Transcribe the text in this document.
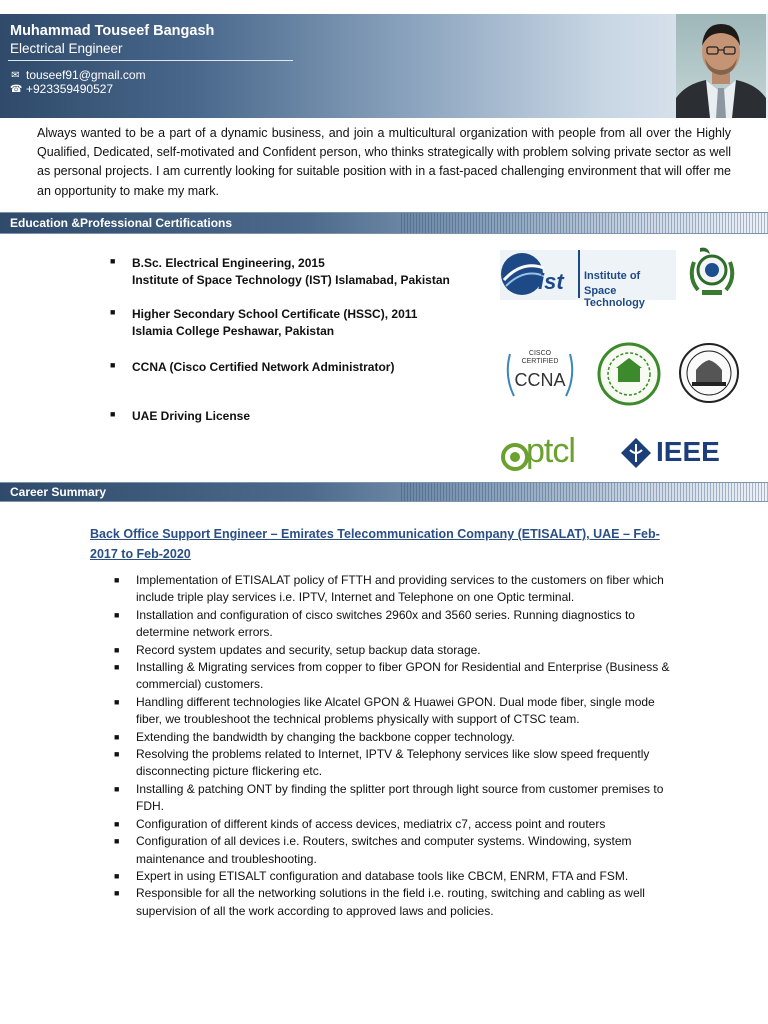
Muhammad Touseef Bangash
Electrical Engineer
✉ touseef91@gmail.com
☎ +923359490527
Always wanted to be a part of a dynamic business, and join a multicultural organization with people from all over the Highly Qualified, Dedicated, self-motivated and Confident person, who thinks strategically with problem solving private sector as well as personal projects. I am currently looking for suitable position with in a fast-paced challenging environment that will offer me an opportunity to make my mark.
Education &Professional Certifications
■ B.Sc. Electrical Engineering, 2015
Institute of Space Technology (IST) Islamabad, Pakistan
■ Higher Secondary School Certificate (HSSC), 2011
Islamia College Peshawar, Pakistan
■ CCNA (Cisco Certified Network Administrator)
■ UAE Driving License
ist Institute of
Space Technology
CISCO
CERTIFIED
CCNA
ptcl	IEEE
Career Summary
Back Office Support Engineer – Emirates Telecommunication Company (ETISALAT), UAE – Feb-2017 to Feb-2020
■ Implementation of ETISALAT policy of FTTH and providing services to the customers on fiber which include triple play services i.e. IPTV, Internet and Telephone on one Optic terminal.
■ Installation and configuration of cisco switches 2960x and 3560 series. Running diagnostics to determine network errors.
■ Record system updates and security, setup backup data storage.
■ Installing & Migrating services from copper to fiber GPON for Residential and Enterprise (Business & commercial) customers.
■ Handling different technologies like Alcatel GPON & Huawei GPON. Dual mode fiber, single mode fiber, we troubleshoot the technical problems physically with support of CTSC team.
■ Extending the bandwidth by changing the backbone copper technology.
■ Resolving the problems related to Internet, IPTV & Telephony services like slow speed frequently disconnecting picture flickering etc.
■ Installing & patching ONT by finding the splitter port through light source from customer premises to FDH.
■ Configuration of different kinds of access devices, mediatrix c7, access point and routers
■ Configuration of all devices i.e. Routers, switches and computer systems. Windowing, system maintenance and troubleshooting.
■ Expert in using ETISALT configuration and database tools like CBCM, ENRM, FTA and FSM.
■ Responsible for all the networking solutions in the field i.e. routing, switching and cabling as well supervision of all the work according to approved laws and policies.
